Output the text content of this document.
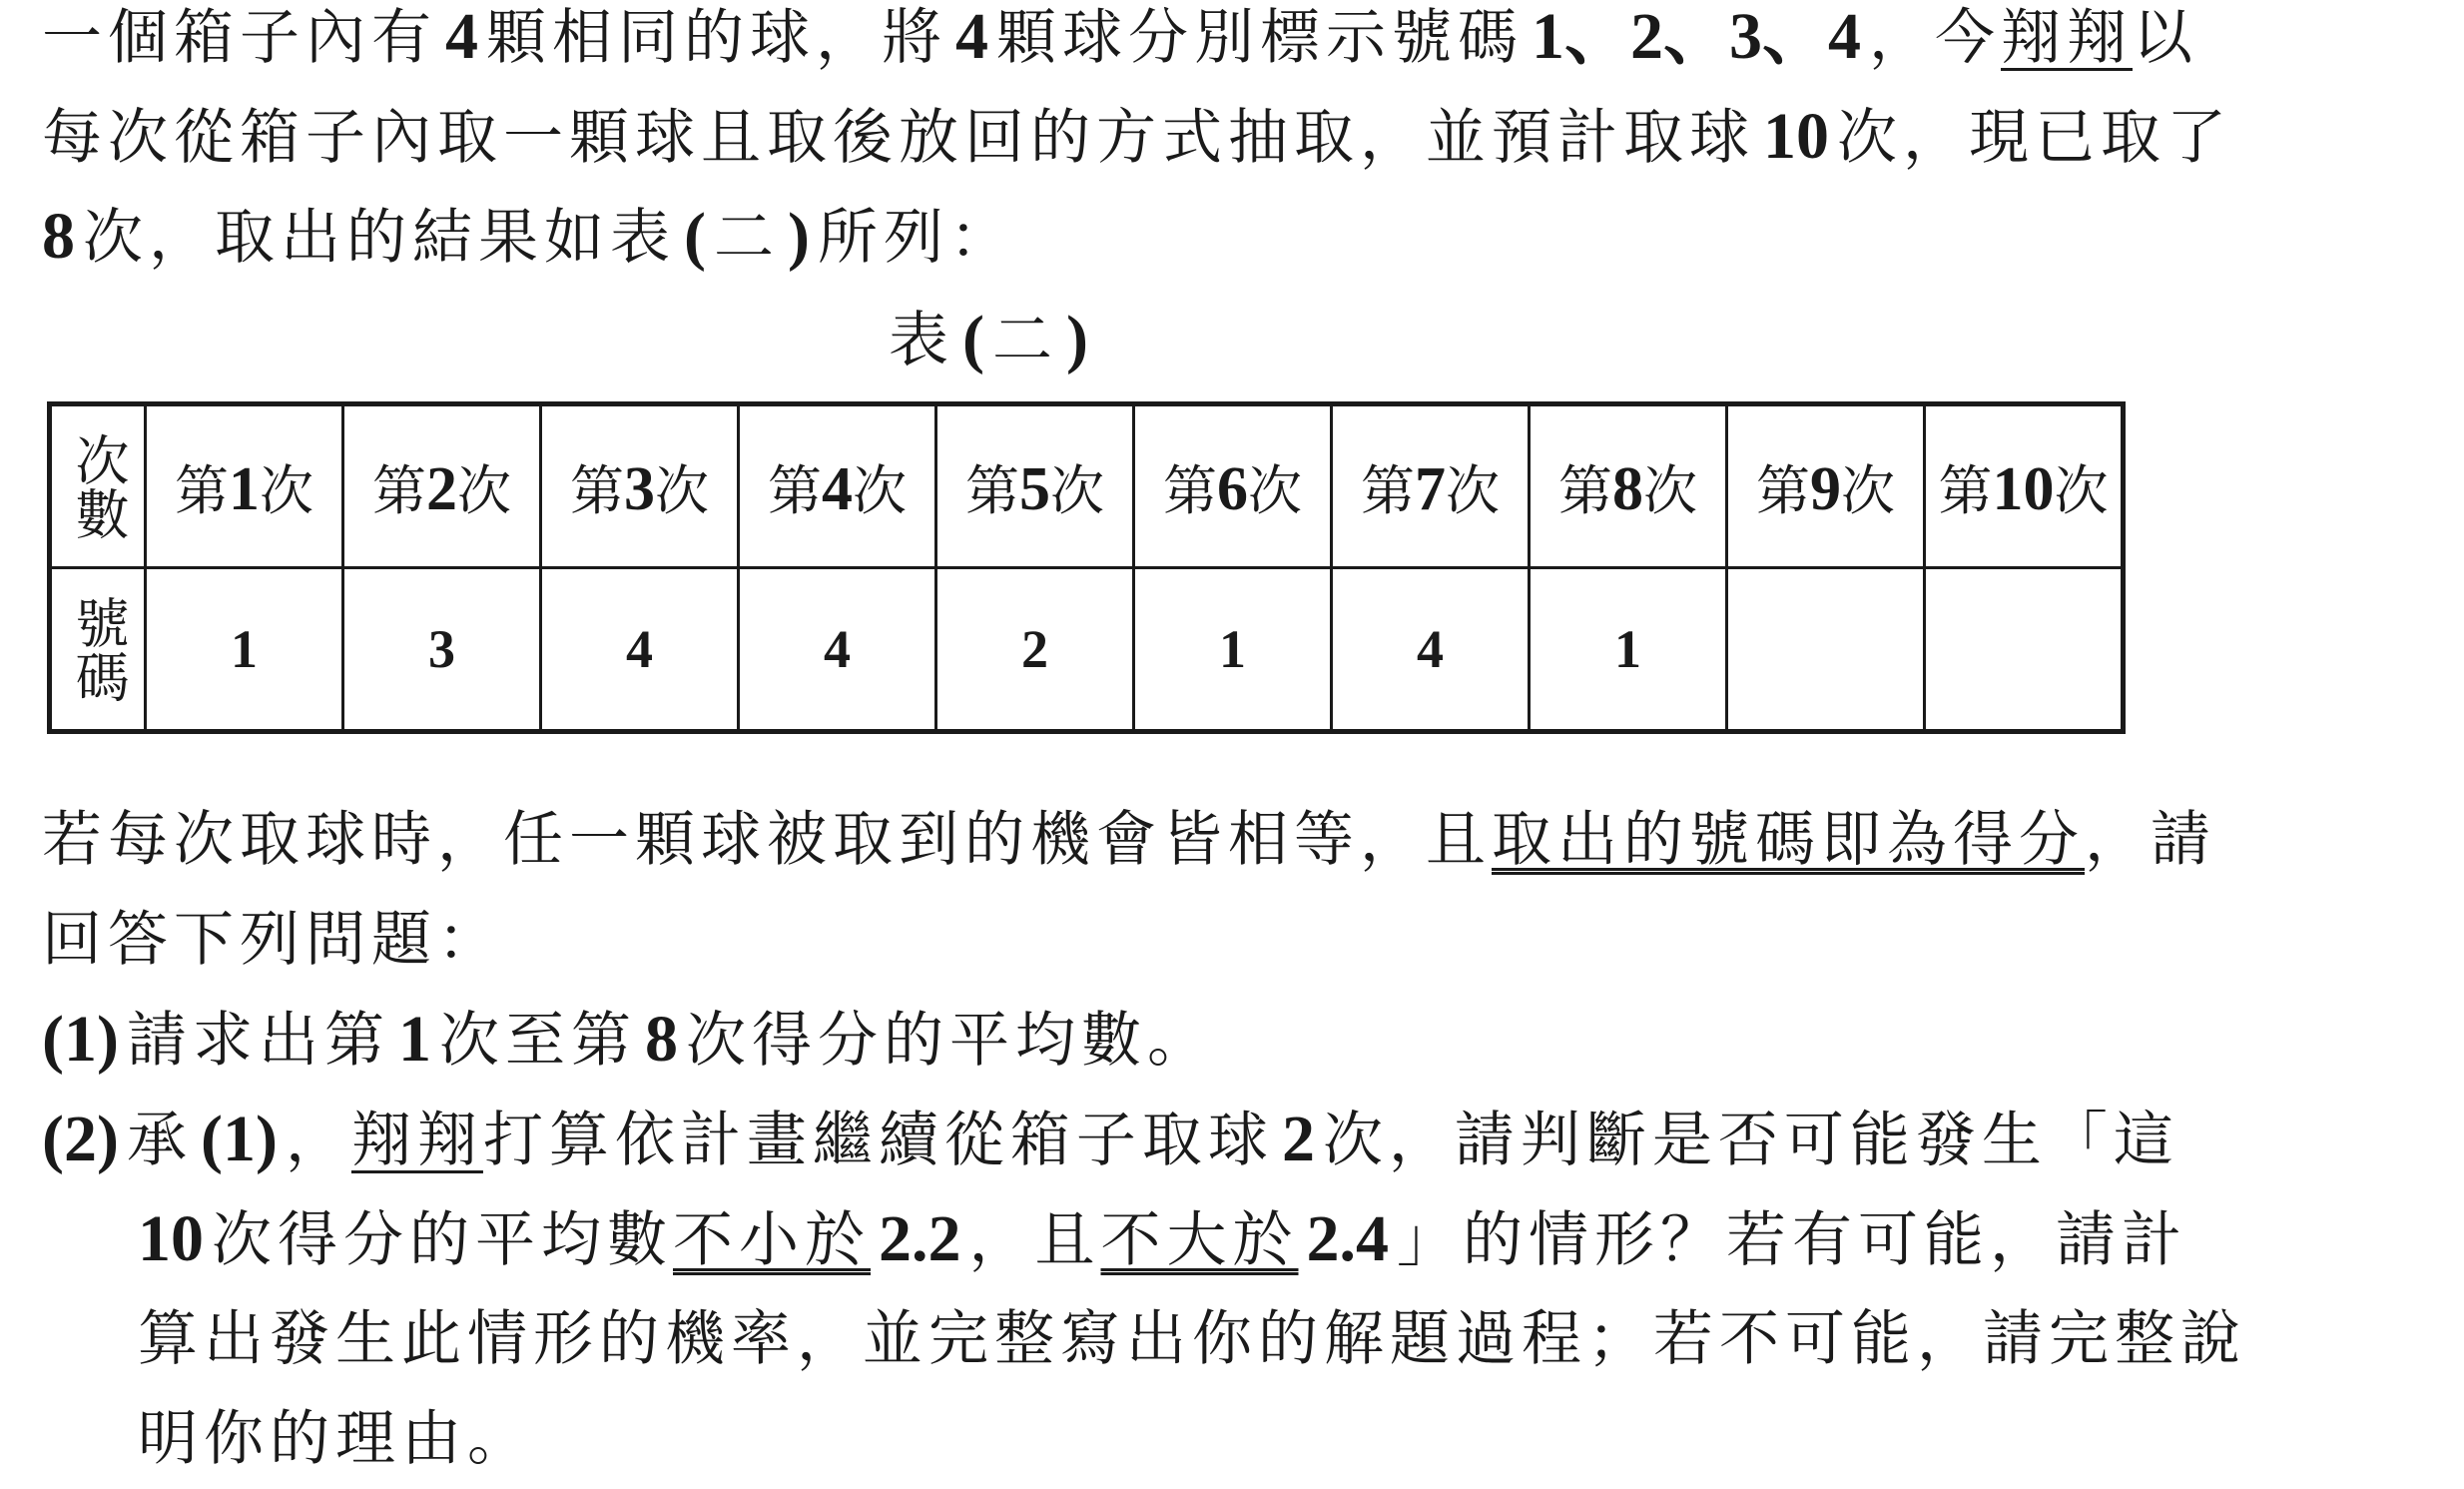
一個箱子內有 4 顆相同的球，將 4 顆球分別標示號碼 1、2、3、4 ，今翔翔以
每次從箱子內取一顆球且取後放回的方式抽取，並預計取球 10 次，現已取了
8 次，取出的結果如表 ( 二 ) 所列：
表 ( 二 )
次數	第1次	第2次	第3次	第4次	第5次	第6次	第7次	第8次	第9次	第10次
號碼	1	3	4	4	2	1	4	1		
若每次取球時，任一顆球被取到的機會皆相等，且取出的號碼即為得分，請
回答下列問題：
(1) 請求出第 1 次至第 8 次得分的平均數。
(2) 承 (1) ，翔翔打算依計畫繼續從箱子取球 2 次，請判斷是否可能發生「這
10 次得分的平均數不小於 2.2 ，且不大於 2.4 」的情形？若有可能，請計
算出發生此情形的機率，並完整寫出你的解題過程；若不可能，請完整說
明你的理由。
